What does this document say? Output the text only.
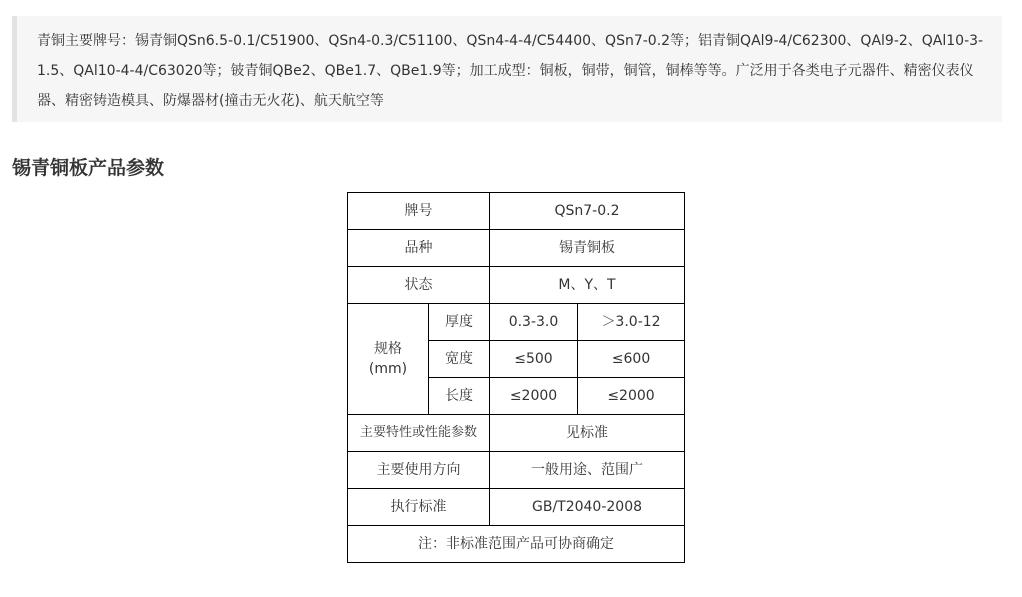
青铜主要牌号：锡青铜QSn6.5-0.1/C51900、QSn4-0.3/C51100、QSn4-4-4/C54400、QSn7-0.2等；铝青铜QAl9-4/C62300、QAl9-2、QAl10-3-1.5、QAl10-4-4/C63020等；铍青铜QBe2、QBe1.7、QBe1.9等；加工成型：铜板，铜带，铜管，铜棒等等。广泛用于各类电子元器件、精密仪表仪器、精密铸造模具、防爆器材(撞击无火花)、航天航空等

锡青铜板产品参数
牌号		QSn7-0.2	
品种		锡青铜板	
状态		M、Y、T	
规格
(mm)	厚度	0.3-3.0	＞3.0-12
	宽度	≤500	≤600
	长度	≤2000	≤2000
主要特性或性能参数		见标准	
主要使用方向		一般用途、范围广	
执行标准		GB/T2040-2008	
注：非标准范围产品可协商确定			
